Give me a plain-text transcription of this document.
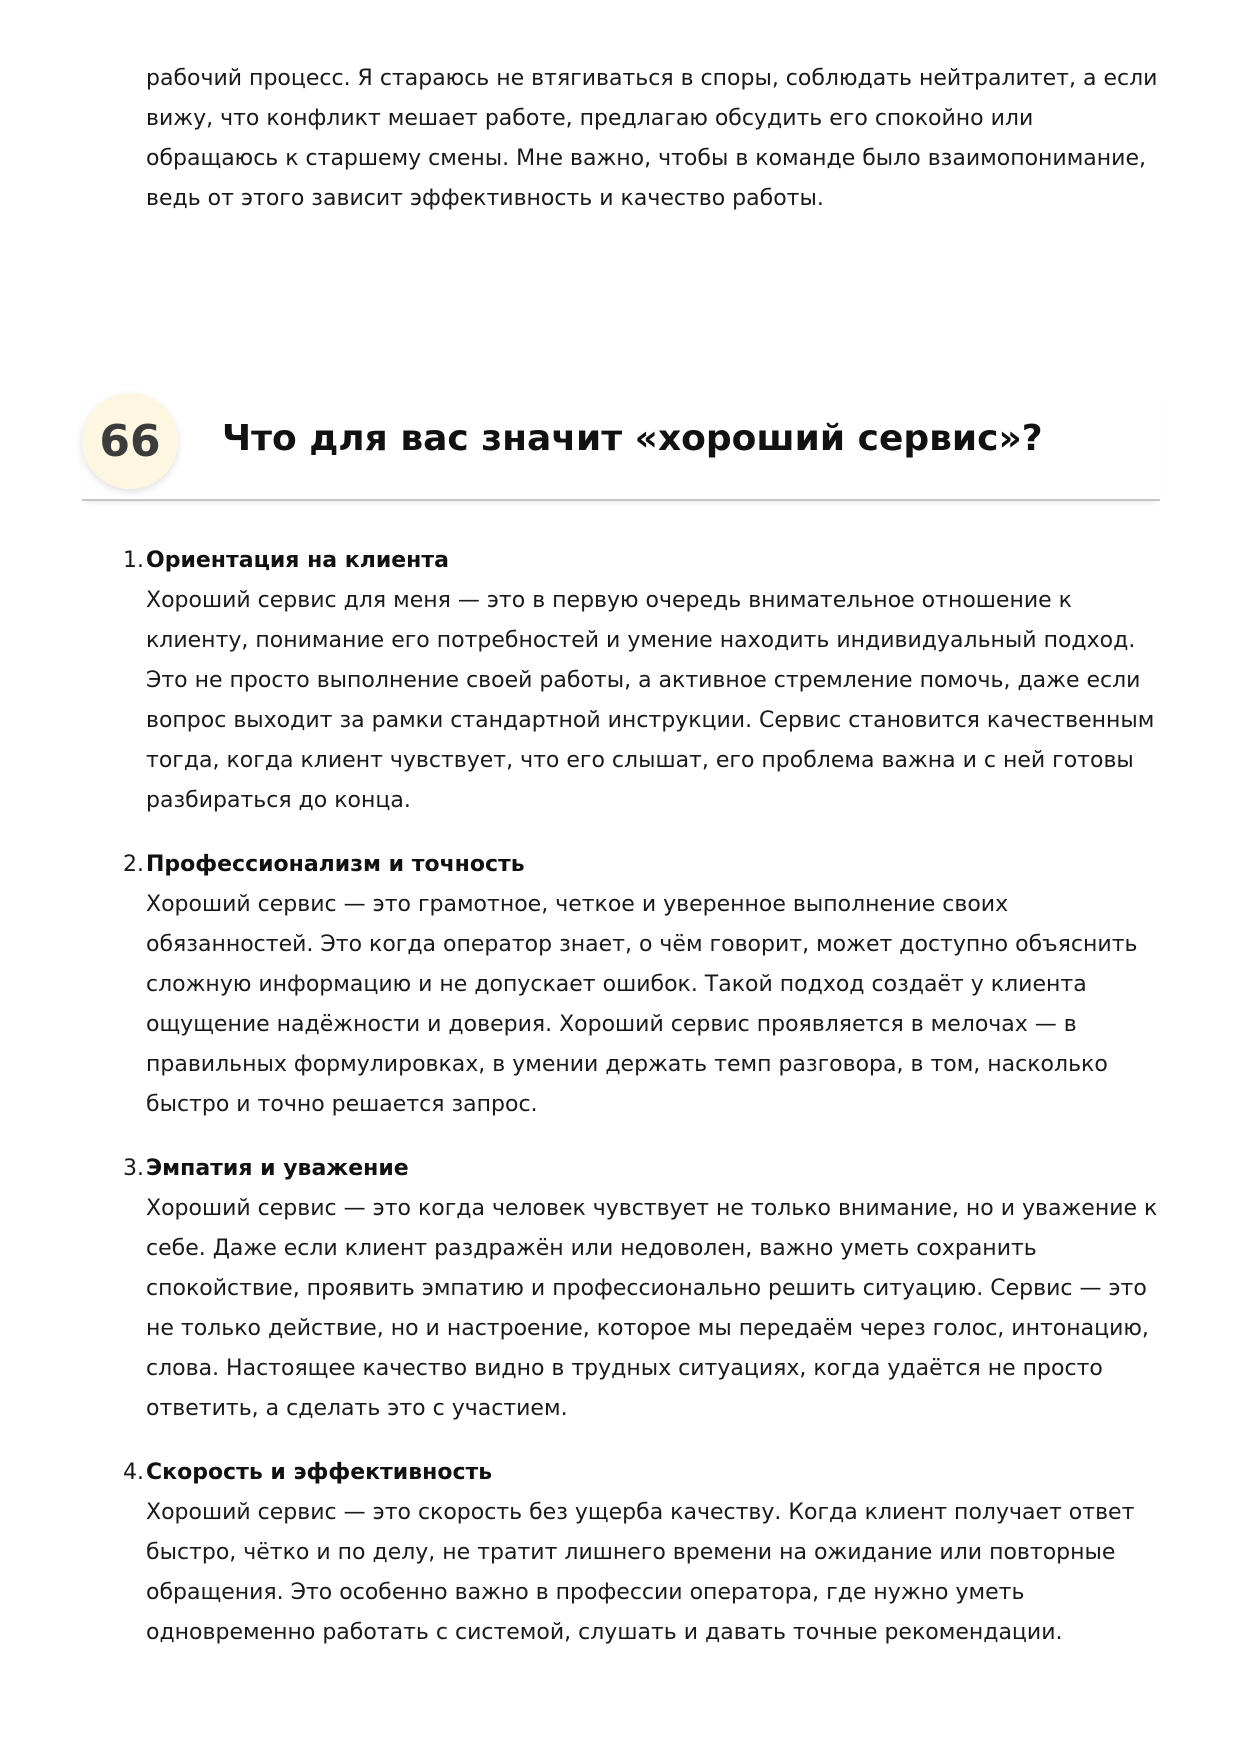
рабочий процесс. Я стараюсь не втягиваться в споры, соблюдать нейтралитет, а если вижу, что конфликт мешает работе, предлагаю обсудить его спокойно или обращаюсь к старшему смены. Мне важно, чтобы в команде было взаимопонимание, ведь от этого зависит эффективность и качество работы.

66	Что для вас значит «хороший сервис»?
1. Ориентация на клиента
Хороший сервис для меня — это в первую очередь внимательное отношение к клиенту, понимание его потребностей и умение находить индивидуальный подход. Это не просто выполнение своей работы, а активное стремление помочь, даже если вопрос выходит за рамки стандартной инструкции. Сервис становится качественным тогда, когда клиент чувствует, что его слышат, его проблема важна и с ней готовы разбираться до конца.
2. Профессионализм и точность
Хороший сервис — это грамотное, четкое и уверенное выполнение своих обязанностей. Это когда оператор знает, о чём говорит, может доступно объяснить сложную информацию и не допускает ошибок. Такой подход создаёт у клиента ощущение надёжности и доверия. Хороший сервис проявляется в мелочах — в правильных формулировках, в умении держать темп разговора, в том, насколько быстро и точно решается запрос.
3. Эмпатия и уважение
Хороший сервис — это когда человек чувствует не только внимание, но и уважение к себе. Даже если клиент раздражён или недоволен, важно уметь сохранить спокойствие, проявить эмпатию и профессионально решить ситуацию. Сервис — это не только действие, но и настроение, которое мы передаём через голос, интонацию, слова. Настоящее качество видно в трудных ситуациях, когда удаётся не просто ответить, а сделать это с участием.
4. Скорость и эффективность
Хороший сервис — это скорость без ущерба качеству. Когда клиент получает ответ быстро, чётко и по делу, не тратит лишнего времени на ожидание или повторные обращения. Это особенно важно в профессии оператора, где нужно уметь одновременно работать с системой, слушать и давать точные рекомендации.
